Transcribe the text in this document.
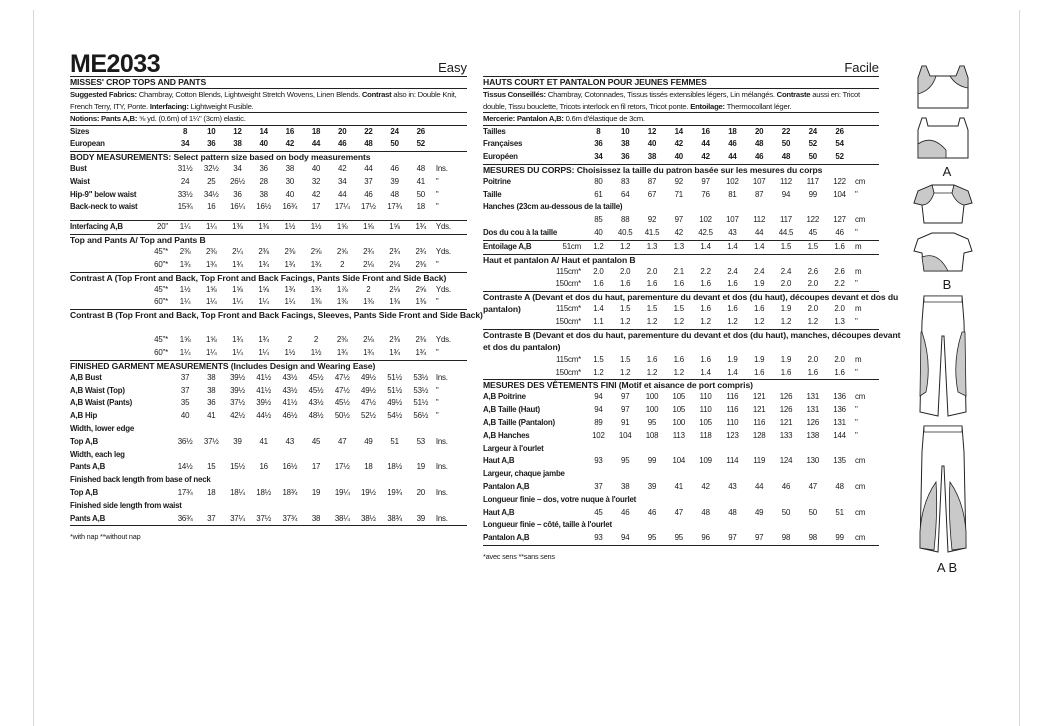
ME2033	Easy
MISSES' CROP TOPS AND PANTS
Suggested Fabrics: Chambray, Cotton Blends, Lightweight Stretch Wovens, Linen Blends. Contrast also in: Double Knit, French Terry, ITY, Ponte. Interfacing: Lightweight Fusible.
Notions: Pants A,B: ⅝ yd. (0.6m) of 1¼" (3cm) elastic.
Sizes	8	10	12	14	16	18	20	22	24	26
European	34	36	38	40	42	44	46	48	50	52
BODY MEASUREMENTS: Select pattern size based on body measurements
Bust	31½	32½	34	36	38	40	42	44	46	48	Ins.
Waist	24	25	26½	28	30	32	34	37	39	41	"
Hip-9" below waist	33½	34½	36	38	40	42	44	46	48	50	"
Back-neck to waist	15¾	16	16¼	16½	16¾	17	17¼	17½	17¾	18	"
Interfacing A,B	20"	1¼	1¼	1⅜	1⅜	1½	1½	1⅝	1⅝	1⅝	1¾	Yds.
Top and Pants A/ Top and Pants B
45"*	2⅜	2⅜	2¼	2⅜	2⅜	2⅝	2⅝	2¾	2¾	2¾	Yds.
60"*	1¾	1¾	1¾	1¾	1¾	1¾	2	2⅛	2⅛	2⅜	"
Contrast A (Top Front and Back, Top Front and Back Facings, Pants Side Front and Side Back)
45"*	1½	1⅝	1⅝	1⅝	1¾	1¾	1⅞	2	2⅛	2⅝	Yds.
60"*	1¼	1¼	1¼	1¼	1¼	1⅜	1⅜	1⅜	1⅜	1⅜	"
Contrast B (Top Front and Back, Top Front and Back Facings, Sleeves, Pants Side Front and Side Back)
45"*	1⅝	1⅝	1¾	1¾	2	2	2⅜	2⅛	2⅜	2⅜	Yds.
60"*	1¼	1¼	1¼	1¼	1½	1½	1¾	1¾	1¾	1¾	"
FINISHED GARMENT MEASUREMENTS (Includes Design and Wearing Ease)
A,B Bust	37	38	39½	41½	43½	45½	47½	49½	51½	53½ Ins.
A,B Waist (Top)	37	38	39½	41½	43½	45½	47½	49½	51½	53½ "
A,B Waist (Pants)	35	36	37½	39½	41½	43½	45½	47½	49½	51½ "
A,B Hip	40	41	42½	44½	46½	48½	50½	52½	54½	56½ "
Width, lower edge
Top A,B	36½	37½	39	41	43	45	47	49	51	53	Ins.
Width, each leg
Pants A,B	14½	15	15½	16	16½	17	17½	18	18½	19	Ins.
Finished back length from base of neck
Top A,B	17¾	18	18¼	18½	18¾	19	19¼	19½	19¾	20	Ins.
Finished side length from waist
Pants A,B	36¾	37	37¼	37½	37¾	38	38¼	38½	38¾	39	Ins.
*with nap **without nap
Facile
HAUTS COURT ET PANTALON POUR JEUNES FEMMES
Tissus Conseillés: Chambray, Cotonnades, Tissus tissés extensibles légers, Lin mélangés. Contraste aussi en: Tricot double, Tissu bouclette, Tricots interlock en fil retors, Tricot ponte. Entoilage: Thermocollant léger.
Mercerie: Pantalon A,B: 0.6m d'élastique de 3cm.
Tailles	8	10	12	14	16	18	20	22	24	26
Françaises	36	38	40	42	44	46	48	50	52	54
Européen	34	36	38	40	42	44	46	48	50	52
MESURES DU CORPS: Choisissez la taille du patron basée sur les mesures du corps
Poitrine	80	83	87	92	97	102	107	112	117	122	cm
Taille	61	64	67	71	76	81	87	94	99	104	"
Hanches (23cm au-dessous de la taille)
85	88	92	97	102	107	112	117	122	127	cm
Dos du cou à la taille	40	40.5	41.5	42	42.5	43	44	44.5	45	46	"
Entoilage A,B	51cm	1.2	1.2	1.3	1.3	1.4	1.4	1.4	1.5	1.5	1.6	m
Haut et pantalon A/ Haut et pantalon B
115cm*	2.0	2.0	2.0	2.1	2.2	2.4	2.4	2.4	2.6	2.6	m
150cm*	1.6	1.6	1.6	1.6	1.6	1.6	1.9	2.0	2.0	2.2	"
Contraste A (Devant et dos du haut, parementure du devant et dos (du haut), découpes devant et dos du
pantalon)	115cm*	1.4	1.5	1.5	1.5	1.6	1.6	1.6	1.9	2.0	2.0	m
150cm*	1.1	1.2	1.2	1.2	1.2	1.2	1.2	1.2	1.2	1.3	"
Contraste B (Devant et dos du haut, parementure du devant et dos (du haut), manches, découpes devant
et dos du pantalon)
115cm*	1.5	1.5	1.6	1.6	1.6	1.9	1.9	1.9	2.0	2.0	m
150cm*	1.2	1.2	1.2	1.2	1.4	1.4	1.6	1.6	1.6	1.6	"
MESURES DES VÊTEMENTS FINI (Motif et aisance de port compris)
A,B Poitrine	94	97	100	105	110	116	121	126	131	136	cm
A,B Taille (Haut)	94	97	100	105	110	116	121	126	131	136	"
A,B Taille (Pantalon)	89	91	95	100	105	110	116	121	126	131	"
A,B Hanches	102	104	108	113	118	123	128	133	138	144	"
Largeur à l'ourlet
Haut A,B	93	95	99	104	109	114	119	124	130	135	cm
Largeur, chaque jambe
Pantalon A,B	37	38	39	41	42	43	44	46	47	48	cm
Longueur finie – dos, votre nuque à l'ourlet
Haut A,B	45	46	46	47	48	48	49	50	50	51	cm
Longueur finie – côté, taille à l'ourlet
Pantalon A,B	93	94	95	95	96	97	97	98	98	99	cm
*avec sens **sans sens
A
B
A B
